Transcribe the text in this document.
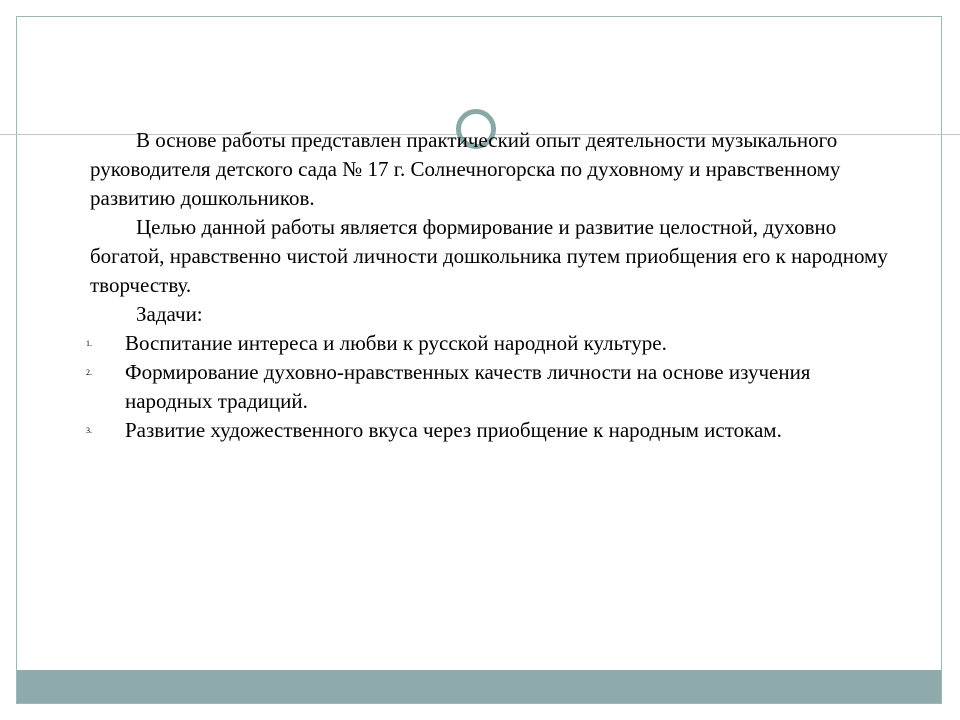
В основе работы представлен практический опыт деятельности музыкального руководителя детского сада № 17 г. Солнечногорска по духовному и нравственному развитию дошкольников.

Целью данной работы является формирование и развитие целостной, духовно богатой, нравственно чистой личности дошкольника путем приобщения его к народному творчеству.

Задачи:

1. Воспитание интереса и любви к русской народной культуре.
2. Формирование духовно-нравственных качеств личности на основе изучения народных традиций.
3. Развитие художественного вкуса через приобщение к народным истокам.
